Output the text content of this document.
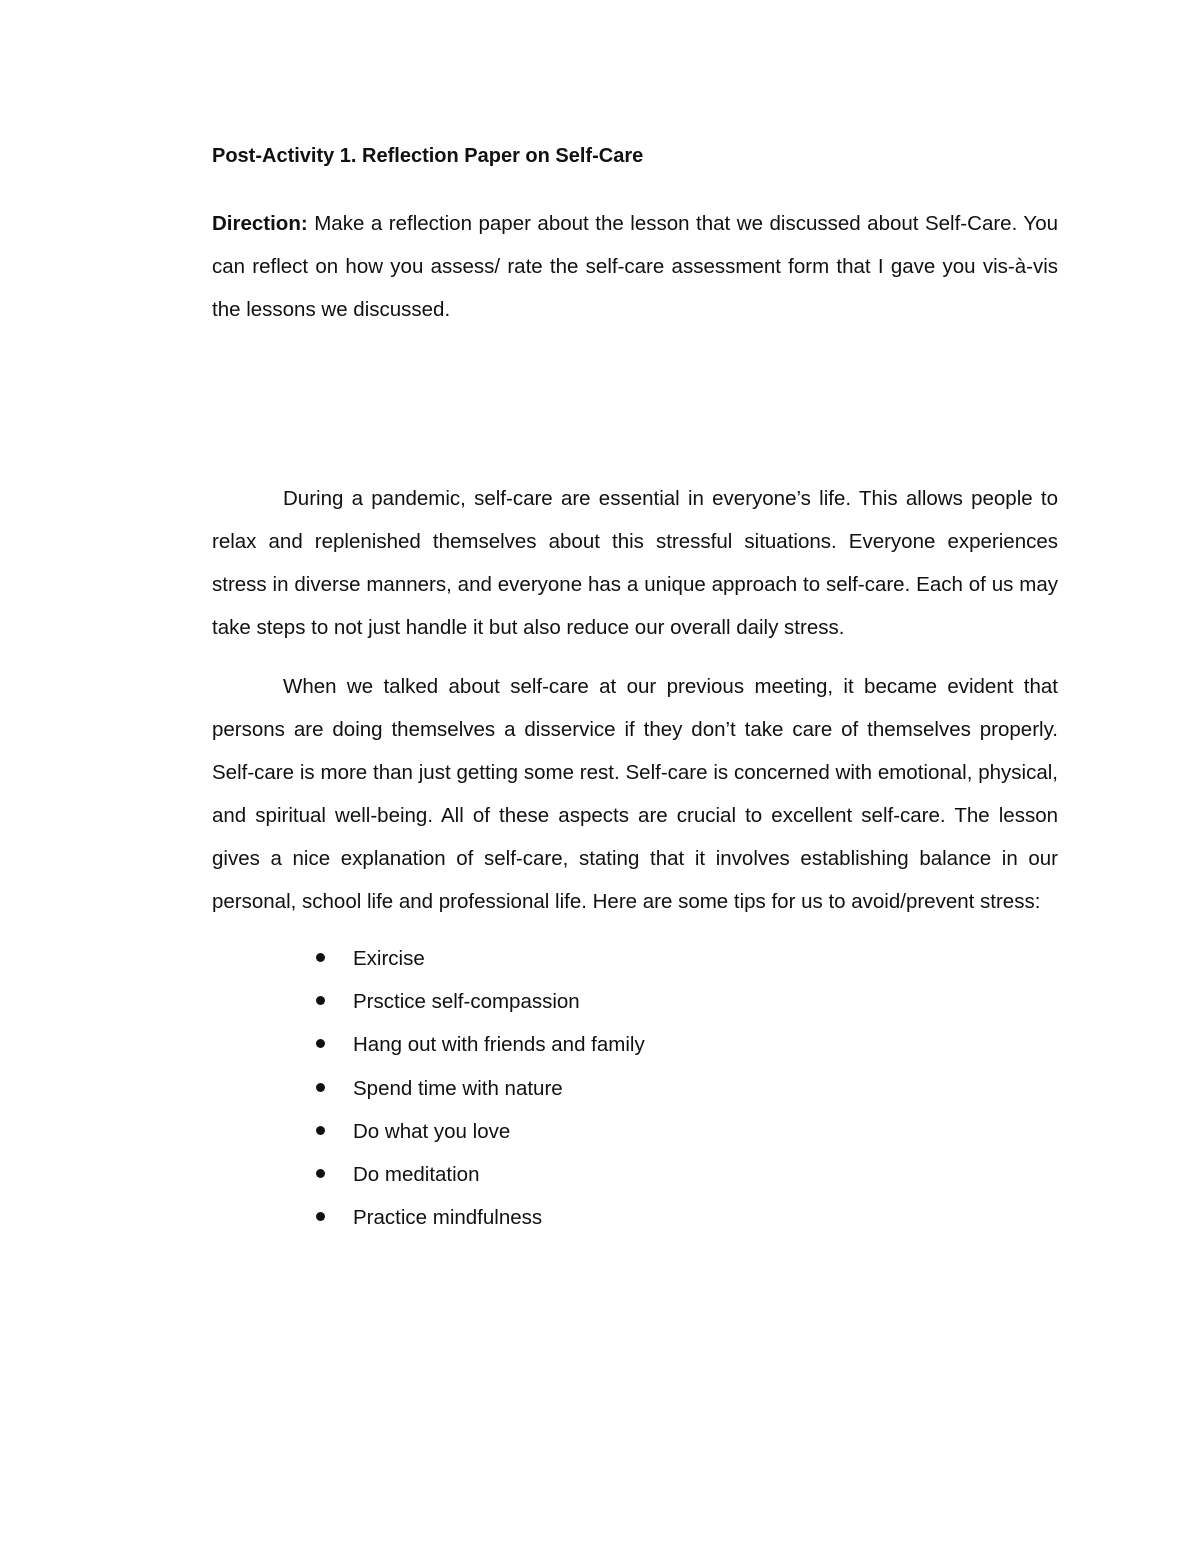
Post-Activity 1. Reflection Paper on Self-Care

Direction: Make a reflection paper about the lesson that we discussed about Self-Care. You can reflect on how you assess/ rate the self-care assessment form that I gave you vis-à-vis the lessons we discussed.

During a pandemic, self-care are essential in everyone’s life. This allows people to relax and replenished themselves about this stressful situations. Everyone experiences stress in diverse manners, and everyone has a unique approach to self-care. Each of us may take steps to not just handle it but also reduce our overall daily stress.

When we talked about self-care at our previous meeting, it became evident that persons are doing themselves a disservice if they don’t take care of themselves properly. Self-care is more than just getting some rest. Self-care is concerned with emotional, physical, and spiritual well-being. All of these aspects are crucial to excellent self-care. The lesson gives a nice explanation of self-care, stating that it involves establishing balance in our personal, school life and professional life. Here are some tips for us to avoid/prevent stress:

Exircise
Prsctice self-compassion
Hang out with friends and family
Spend time with nature
Do what you love
Do meditation
Practice mindfulness
